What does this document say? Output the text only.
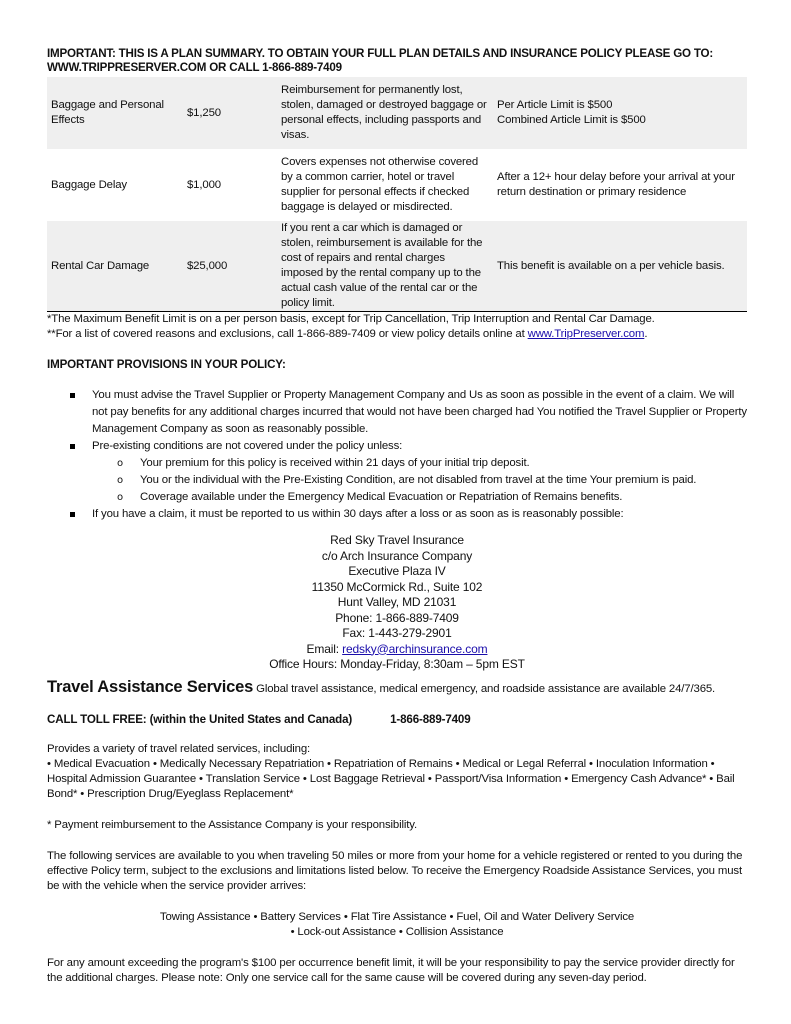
IMPORTANT: THIS IS A PLAN SUMMARY. TO OBTAIN YOUR FULL PLAN DETAILS AND INSURANCE POLICY PLEASE GO TO:
WWW.TRIPPRESERVER.COM OR CALL 1-866-889-7409
Baggage and Personal Effects	$1,250	Reimbursement for permanently lost, stolen, damaged or destroyed baggage or personal effects, including passports and visas.	Per Article Limit is $500
Combined Article Limit is $500

Baggage Delay	$1,000	Covers expenses not otherwise covered by a common carrier, hotel or travel supplier for personal effects if checked baggage is delayed or misdirected.	After a 12+ hour delay before your arrival at your return destination or primary residence

Rental Car Damage	$25,000	If you rent a car which is damaged or stolen, reimbursement is available for the cost of repairs and rental charges imposed by the rental company up to the actual cash value of the rental car or the policy limit.	This benefit is available on a per vehicle basis.
*The Maximum Benefit Limit is on a per person basis, except for Trip Cancellation, Trip Interruption and Rental Car Damage.
**For a list of covered reasons and exclusions, call 1-866-889-7409 or view policy details online at www.TripPreserver.com.
IMPORTANT PROVISIONS IN YOUR POLICY:
You must advise the Travel Supplier or Property Management Company and Us as soon as possible in the event of a claim. We will not pay benefits for any additional charges incurred that would not have been charged had You notified the Travel Supplier or Property Management Company as soon as reasonably possible.
Pre-existing conditions are not covered under the policy unless:
o Your premium for this policy is received within 21 days of your initial trip deposit.
o You or the individual with the Pre-Existing Condition, are not disabled from travel at the time Your premium is paid.
o Coverage available under the Emergency Medical Evacuation or Repatriation of Remains benefits.
If you have a claim, it must be reported to us within 30 days after a loss or as soon as is reasonably possible:
Red Sky Travel Insurance
c/o Arch Insurance Company
Executive Plaza IV
11350 McCormick Rd., Suite 102
Hunt Valley, MD 21031
Phone: 1-866-889-7409
Fax: 1-443-279-2901
Email: redsky@archinsurance.com
Office Hours: Monday-Friday, 8:30am – 5pm EST
Travel Assistance Services Global travel assistance, medical emergency, and roadside assistance are available 24/7/365.
CALL TOLL FREE: (within the United States and Canada)	1-866-889-7409
Provides a variety of travel related services, including:
• Medical Evacuation • Medically Necessary Repatriation • Repatriation of Remains • Medical or Legal Referral • Inoculation Information • Hospital Admission Guarantee • Translation Service • Lost Baggage Retrieval • Passport/Visa Information • Emergency Cash Advance* • Bail Bond* • Prescription Drug/Eyeglass Replacement*
* Payment reimbursement to the Assistance Company is your responsibility.
The following services are available to you when traveling 50 miles or more from your home for a vehicle registered or rented to you during the effective Policy term, subject to the exclusions and limitations listed below. To receive the Emergency Roadside Assistance Services, you must be with the vehicle when the service provider arrives:
Towing Assistance • Battery Services • Flat Tire Assistance • Fuel, Oil and Water Delivery Service
• Lock-out Assistance • Collision Assistance
For any amount exceeding the program's $100 per occurrence benefit limit, it will be your responsibility to pay the service provider directly for the additional charges. Please note: Only one service call for the same cause will be covered during any seven-day period.
